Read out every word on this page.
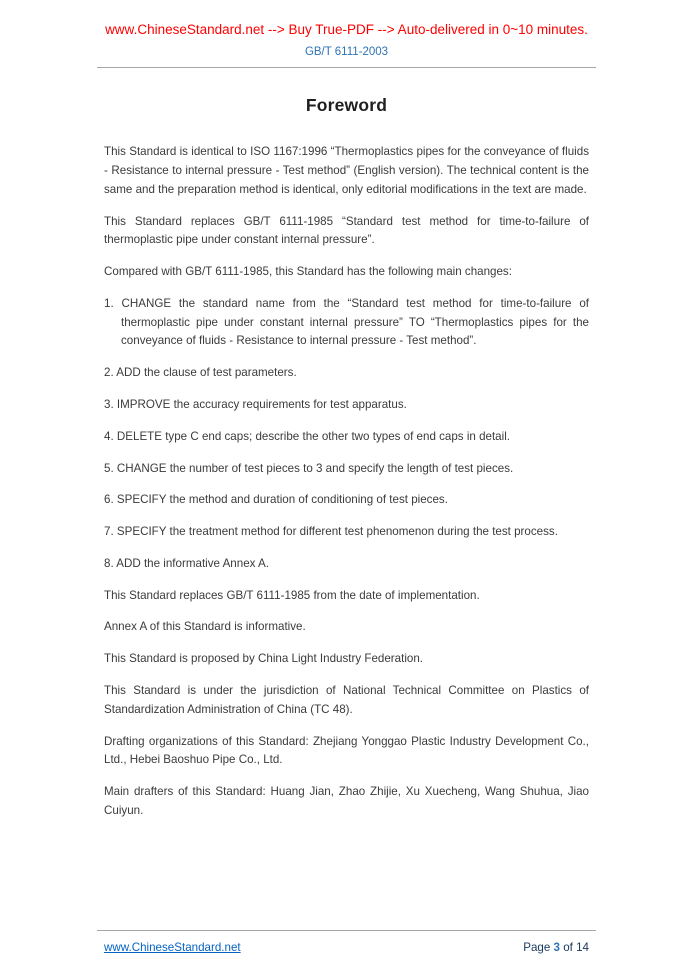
www.ChineseStandard.net --> Buy True-PDF --> Auto-delivered in 0~10 minutes.
GB/T 6111-2003
Foreword

This Standard is identical to ISO 1167:1996 “Thermoplastics pipes for the conveyance of fluids - Resistance to internal pressure - Test method” (English version). The technical content is the same and the preparation method is identical, only editorial modifications in the text are made.

This Standard replaces GB/T 6111-1985 “Standard test method for time-to-failure of thermoplastic pipe under constant internal pressure”.

Compared with GB/T 6111-1985, this Standard has the following main changes:

1. CHANGE the standard name from the “Standard test method for time-to-failure of thermoplastic pipe under constant internal pressure” TO “Thermoplastics pipes for the conveyance of fluids - Resistance to internal pressure - Test method”.

2. ADD the clause of test parameters.

3. IMPROVE the accuracy requirements for test apparatus.

4. DELETE type C end caps; describe the other two types of end caps in detail.

5. CHANGE the number of test pieces to 3 and specify the length of test pieces.

6. SPECIFY the method and duration of conditioning of test pieces.

7. SPECIFY the treatment method for different test phenomenon during the test process.

8. ADD the informative Annex A.

This Standard replaces GB/T 6111-1985 from the date of implementation.

Annex A of this Standard is informative.

This Standard is proposed by China Light Industry Federation.

This Standard is under the jurisdiction of National Technical Committee on Plastics of Standardization Administration of China (TC 48).

Drafting organizations of this Standard: Zhejiang Yonggao Plastic Industry Development Co., Ltd., Hebei Baoshuo Pipe Co., Ltd.

Main drafters of this Standard: Huang Jian, Zhao Zhijie, Xu Xuecheng, Wang Shuhua, Jiao Cuiyun.

www.ChineseStandard.net	Page 3 of 14
